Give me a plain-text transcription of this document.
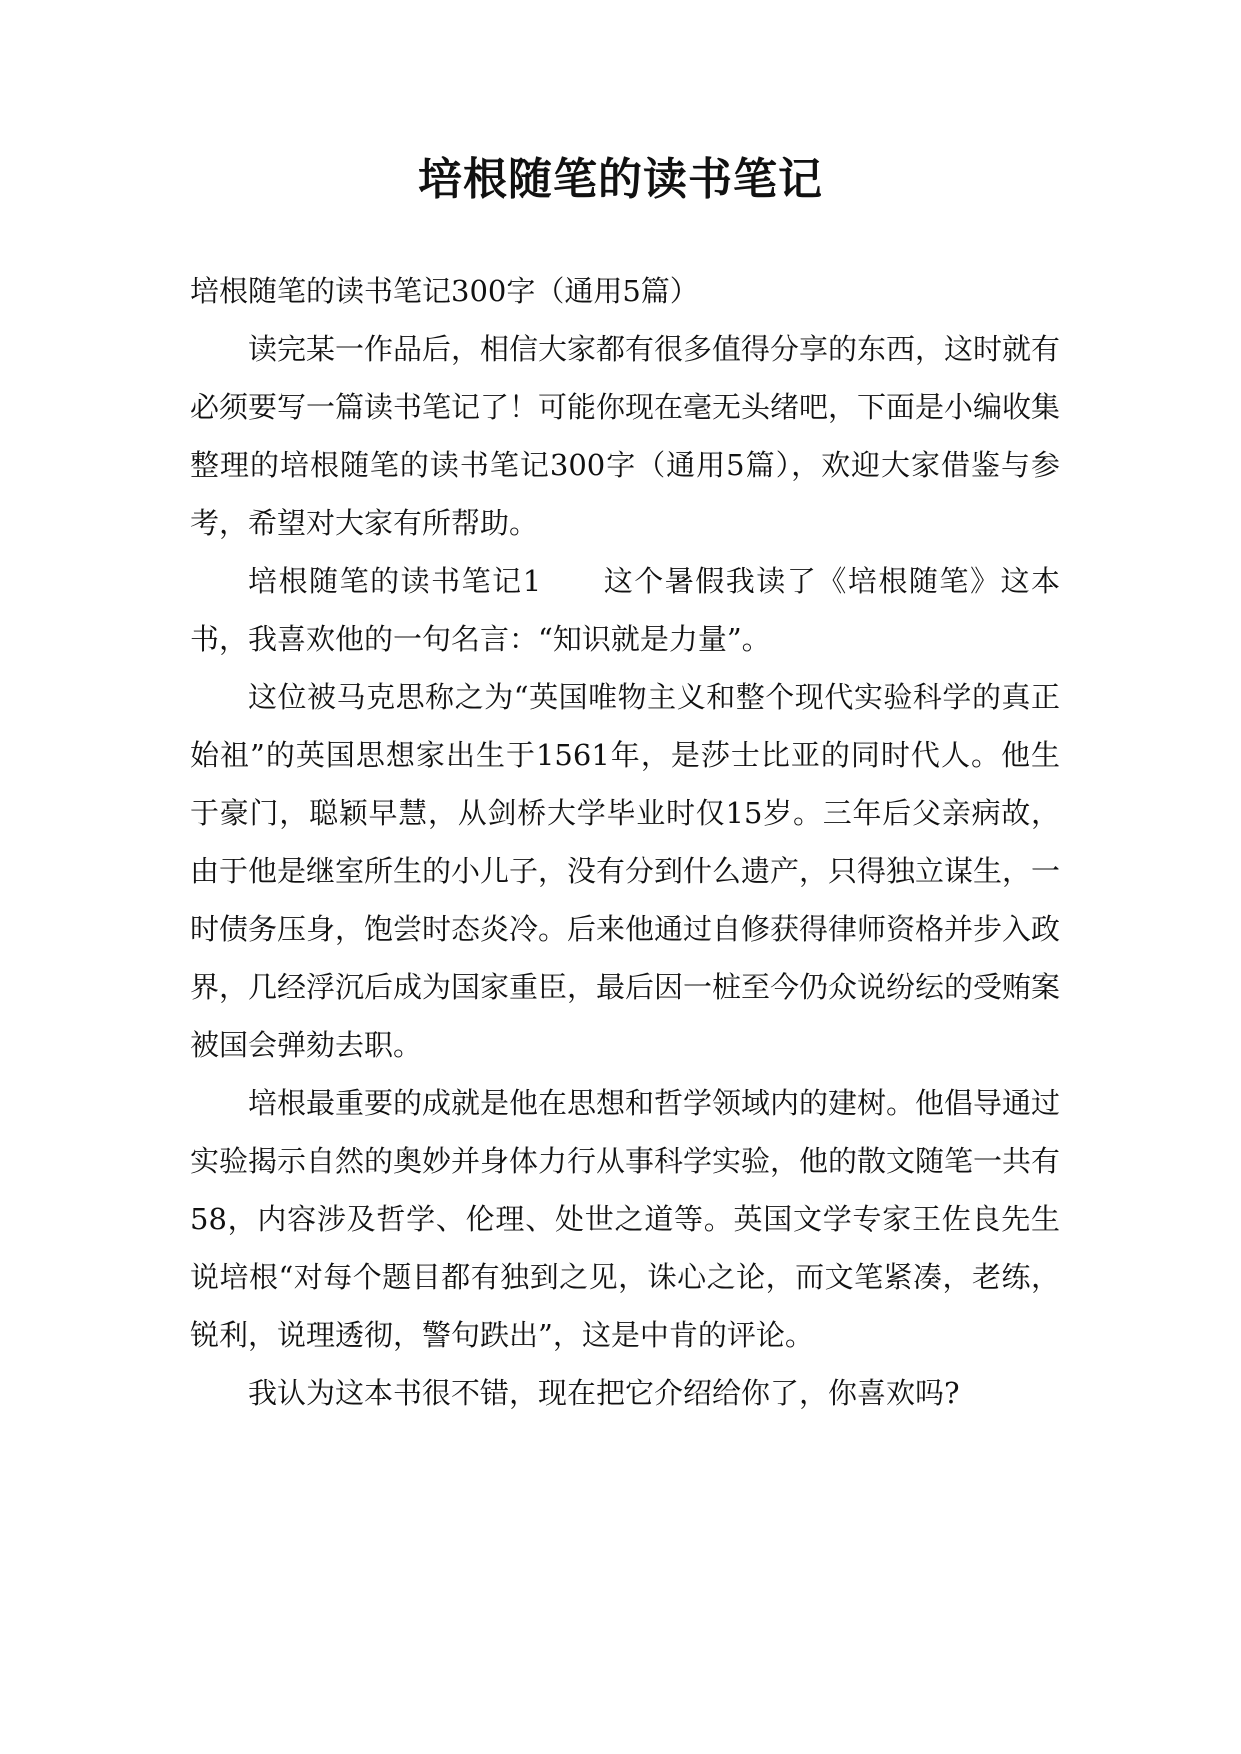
培根随笔的读书笔记

培根随笔的读书笔记300字（通用5篇）

读完某一作品后，相信大家都有很多值得分享的东西，这时就有必须要写一篇读书笔记了！可能你现在毫无头绪吧，下面是小编收集整理的培根随笔的读书笔记300字（通用5篇），欢迎大家借鉴与参考，希望对大家有所帮助。

培根随笔的读书笔记1　　这个暑假我读了《培根随笔》这本书，我喜欢他的一句名言：“知识就是力量”。

这位被马克思称之为“英国唯物主义和整个现代实验科学的真正始祖”的英国思想家出生于1561年，是莎士比亚的同时代人。他生于豪门，聪颖早慧，从剑桥大学毕业时仅15岁。三年后父亲病故，由于他是继室所生的小儿子，没有分到什么遗产，只得独立谋生，一时债务压身，饱尝时态炎冷。后来他通过自修获得律师资格并步入政界，几经浮沉后成为国家重臣，最后因一桩至今仍众说纷纭的受贿案被国会弹劾去职。

培根最重要的成就是他在思想和哲学领域内的建树。他倡导通过实验揭示自然的奥妙并身体力行从事科学实验，他的散文随笔一共有58，内容涉及哲学、伦理、处世之道等。英国文学专家王佐良先生说培根“对每个题目都有独到之见，诛心之论，而文笔紧凑，老练，锐利，说理透彻，警句跌出”，这是中肯的评论。

我认为这本书很不错，现在把它介绍给你了，你喜欢吗?
